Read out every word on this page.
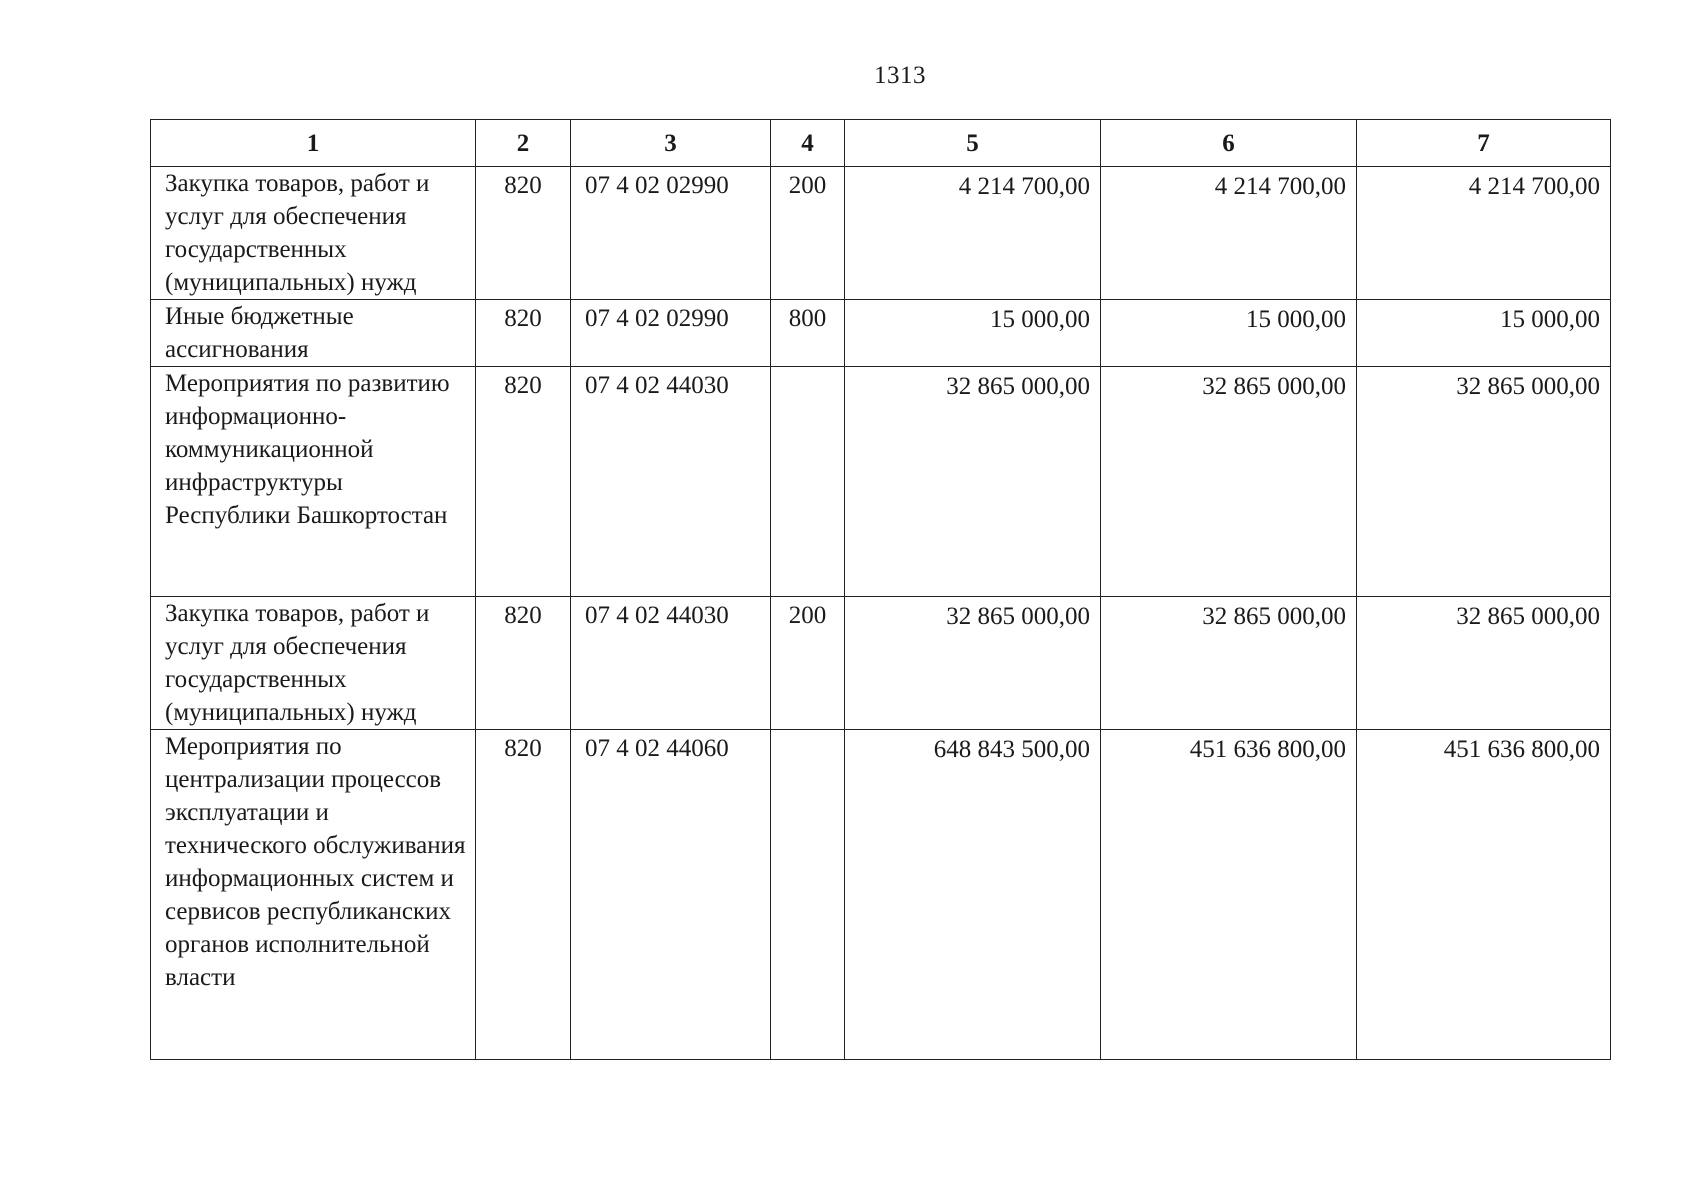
1313
1	2	3	4	5	6	7
Закупка товаров, работ и услуг для обеспечения государственных (муниципальных) нужд	820	07 4 02 02990	200	4 214 700,00	4 214 700,00	4 214 700,00
Иные бюджетные ассигнования	820	07 4 02 02990	800	15 000,00	15 000,00	15 000,00
Мероприятия по развитию информационно-коммуникационной инфраструктуры Республики Башкортостан	820	07 4 02 44030		32 865 000,00	32 865 000,00	32 865 000,00
Закупка товаров, работ и услуг для обеспечения государственных (муниципальных) нужд	820	07 4 02 44030	200	32 865 000,00	32 865 000,00	32 865 000,00
Мероприятия по централизации процессов эксплуатации и технического обслуживания информационных систем и сервисов республиканских органов исполнительной власти	820	07 4 02 44060		648 843 500,00	451 636 800,00	451 636 800,00
